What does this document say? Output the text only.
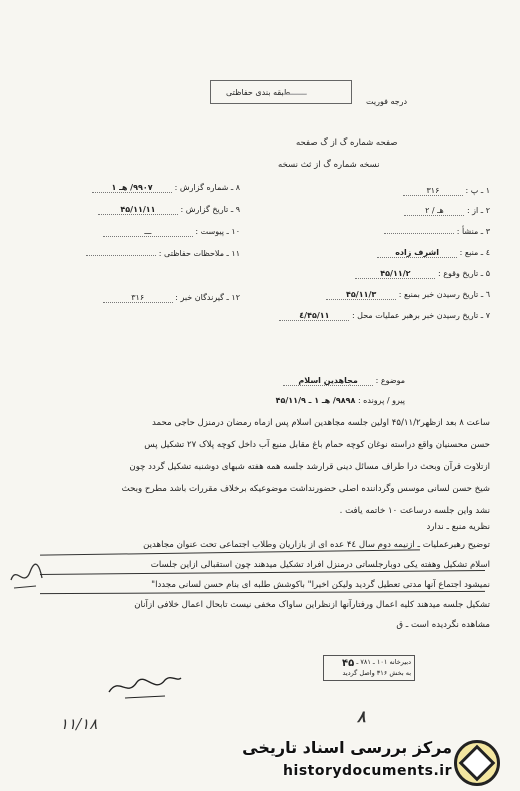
طبقه بندی حفاظتی
ـــــ
درجه فوریت
صفحه شماره گ از گ صفحه
نسخه شماره گ از ثث نسخه
۱ ـ پ : ۳۱۶
۲ ـ از : هـ / ۲
۳ ـ منشأ :
٤ ـ منبع : اشرف زاده
۵ ـ تاریخ وقوع : ۴۵/۱۱/۲
٦ ـ تاریخ رسیدن خبر بمنبع : ۴۵/۱۱/۳
۷ ـ تاریخ رسیدن خبر برهبر عملیات محل : ۴۵/۱۱/٤
۸ ـ شماره گزارش : ۹۹۰۷/ هـ ۱
۹ ـ تاریخ گزارش : ۴۵/۱۱/۱۱
۱۰ ـ پیوست : ـــ
۱۱ ـ ملاحظات حفاظتی :
۱۲ ـ گیرندگان خبر : ۳۱۶
موضوع : مجاهدین اسلام
پیرو / پرونده : ۹۸۹۸/ هـ ۱ ـ ۴۵/۱۱/۹
ساعت ۸ بعد ازظهر۴۵/۱۱/۲ اولین جلسه مجاهدین اسلام پس ازماه رمضان درمنزل حاجی محمد
حسن محسنیان واقع دراسته نوغان کوچه حمام باغ مقابل منبع آب داخل کوچه پلاک ۲۷ تشکیل پس
ازتلاوت قرآن وبحث درا طراف مسائل دینی قرارشد جلسه همه هفته شبهای دوشنبه تشکیل گردد چون
شیخ حسن لسانی موسس وگرداننده اصلی حضورنداشت موضوعیکه برخلاف مقررات باشد مطرح وبحث
نشد واین جلسه درساعت ۱۰ خاتمه یافت .
نظریه منبع ـ ندارد
توضیح رهبرعملیات ـ ازنیمه دوم سال ۴٤ عده ای از بازاریان وطلاب اجتماعی تحت عنوان مجاهدین
اسلام تشکیل وهفته یکی دوبارجلساتی درمنزل افراد تشکیل میدهند چون استقبالی ازاین جلسات
نمیشود اجتماع آنها مدتی تعطیل گردید ولیکن اخیرا" باکوشش طلبه ای بنام حسن لسانی مجددا"
تشکیل جلسه میدهند کلیه اعمال ورفتارآنها ازنظراین ساواک مخفی نیست تابحال اعمال خلافی ازآنان
مشاهده نگردیده است ـ ق
دبیرخانه ۱۰۱ ـ ۷۸۱ ـ
به بخش ۳۱۶ واصل گردید
۴۵
۱۱/۱۸	۸
مرکز بررسی اسناد تاریخی
historydocuments.ir
